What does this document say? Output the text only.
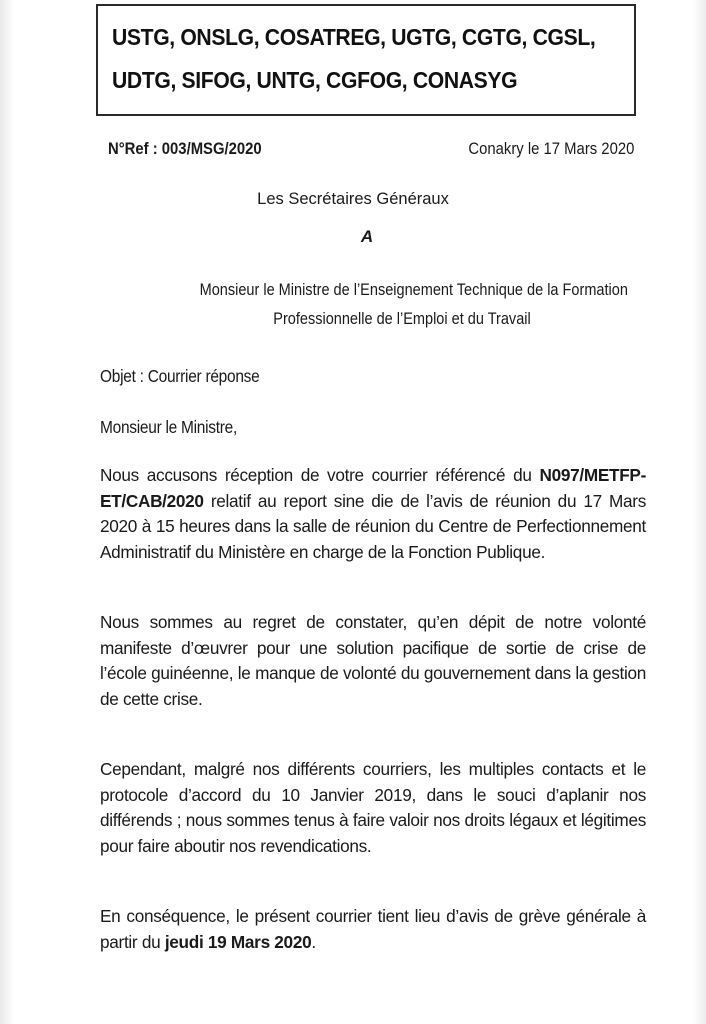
USTG, ONSLG, COSATREG, UGTG, CGTG, CGSL,
UDTG, SIFOG, UNTG, CGFOG, CONASYG
N°Ref : 003/MSG/2020	Conakry le 17 Mars 2020
Les Secrétaires Généraux
A
Monsieur le Ministre de l’Enseignement Technique de la Formation
Professionnelle de l’Emploi et du Travail
Objet : Courrier réponse
Monsieur le Ministre,
Nous accusons réception de votre courrier référencé du N097/METFP-ET/CAB/2020 relatif au report sine die de l’avis de réunion du 17 Mars 2020 à 15 heures dans la salle de réunion du Centre de Perfectionnement Administratif du Ministère en charge de la Fonction Publique.
Nous sommes au regret de constater, qu’en dépit de notre volonté manifeste d’œuvrer pour une solution pacifique de sortie de crise de l’école guinéenne, le manque de volonté du gouvernement dans la gestion de cette crise.
Cependant, malgré nos différents courriers, les multiples contacts et le protocole d’accord du 10 Janvier 2019, dans le souci d’aplanir nos différends ; nous sommes tenus à faire valoir nos droits légaux et légitimes pour faire aboutir nos revendications.
En conséquence, le présent courrier tient lieu d’avis de grève générale à partir du jeudi 19 Mars 2020.
